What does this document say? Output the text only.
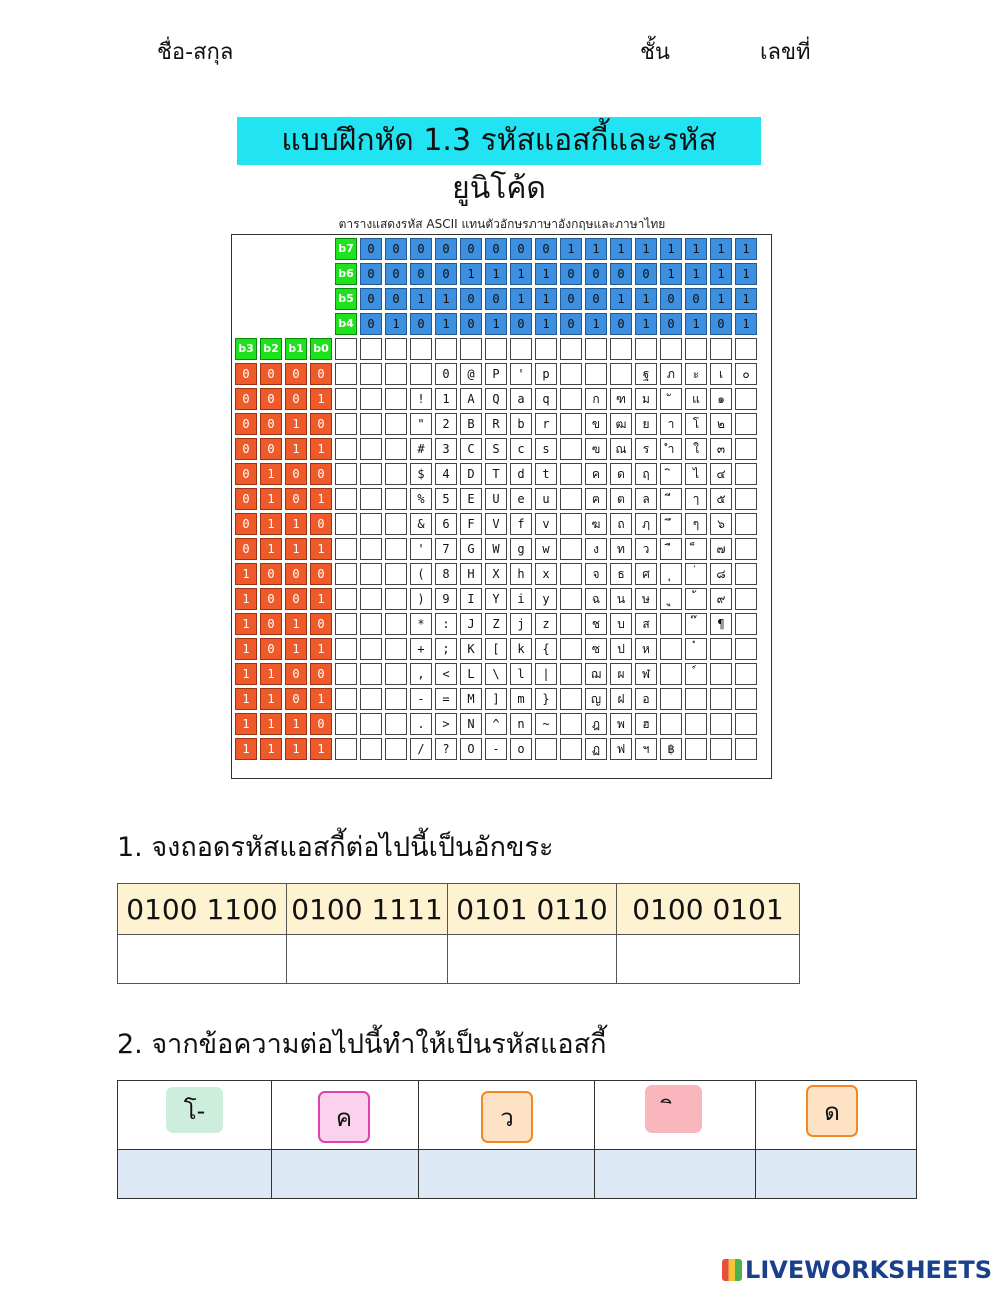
ชื่อ-สกุล	ชั้น	เลขที่
แบบฝึกหัด 1.3 รหัสแอสกี้และรหัสยูนิโค้ด
ตารางแสดงรหัส ASCII แทนตัวอักษรภาษาอังกฤษและภาษาไทย
				b7	0	0	0	0	0	0	0	0	1	1	1	1	1	1	1	1
				b6	0	0	0	0	1	1	1	1	0	0	0	0	1	1	1	1
				b5	0	0	1	1	0	0	1	1	0	0	1	1	0	0	1	1
				b4	0	1	0	1	0	1	0	1	0	1	0	1	0	1	0	1
b3	b2	b1	b0																	
0	0	0	0					0	@	P	'	p				ฐ	ภ	ะ	เ	๐
0	0	0	1				!	1	A	Q	a	q		ก	ฑ	ม		แ	๑	
0	0	1	0				"	2	B	R	b	r		ข	ฒ	ย	า	โ	๒	
0	0	1	1				#	3	C	S	c	s		ฃ	ณ	ร	ำ	ใ	๓	
0	1	0	0				$	4	D	T	d	t		ค	ด	ฤ		ไ	๔	
0	1	0	1				%	5	E	U	e	u		ฅ	ต	ล		ๅ	๕	
0	1	1	0				&	6	F	V	f	v		ฆ	ถ	ฦ		ๆ	๖	
0	1	1	1				'	7	G	W	g	w		ง	ท	ว			๗	
1	0	0	0				(	8	H	X	h	x		จ	ธ	ศ			๘	
1	0	0	1				)	9	I	Y	i	y		ฉ	น	ษ			๙	
1	0	1	0				*	:	J	Z	j	z		ช	บ	ส			¶	
1	0	1	1				+	;	K	[	k	{		ซ	ป	ห				
1	1	0	0				,	<	L	\	l	|		ฌ	ผ	ฬ				
1	1	0	1				-	=	M	]	m	}		ญ	ฝ	อ				
1	1	1	0				.	>	N	^	n	~		ฎ	พ	ฮ				
1	1	1	1				/	?	O	-	o			ฏ	ฟ	ฯ	฿			
1. จงถอดรหัสแอสกี้ต่อไปนี้เป็นอักขระ
0100 1100	0100 1111	0101 0110	0100 0101

2. จากข้อความต่อไปนี้ทำให้เป็นรหัสแอสกี้
โ-	ค	ว		ด

LIVEWORKSHEETS
